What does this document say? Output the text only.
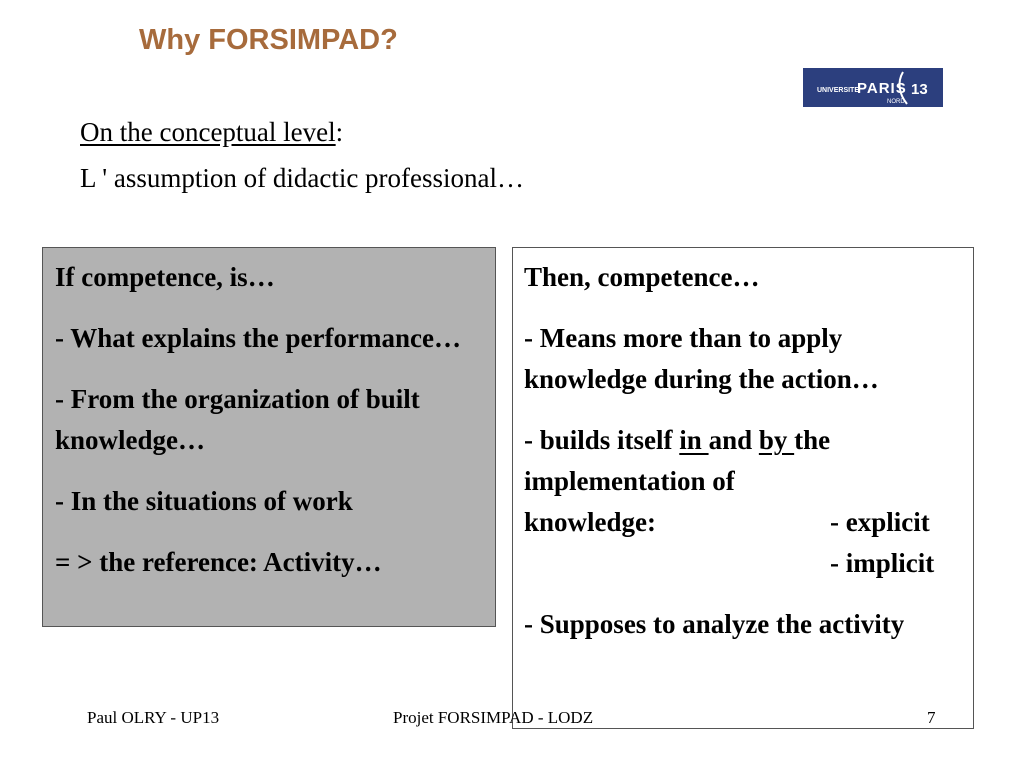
Why FORSIMPAD?
UNIVERSITE
PARIS 13
NORD
On the conceptual level:
L ' assumption of didactic professional…

If competence, is…

- What explains the performance…

- From the organization of built knowledge…

- In the situations of work

= > the reference: Activity…

Then, competence…

- Means more than to apply knowledge during the action…

- builds itself in and by the implementation of
knowledge:	- explicit
- implicit

- Supposes to analyze the activity

Paul OLRY - UP13	Projet FORSIMPAD - LODZ	7
